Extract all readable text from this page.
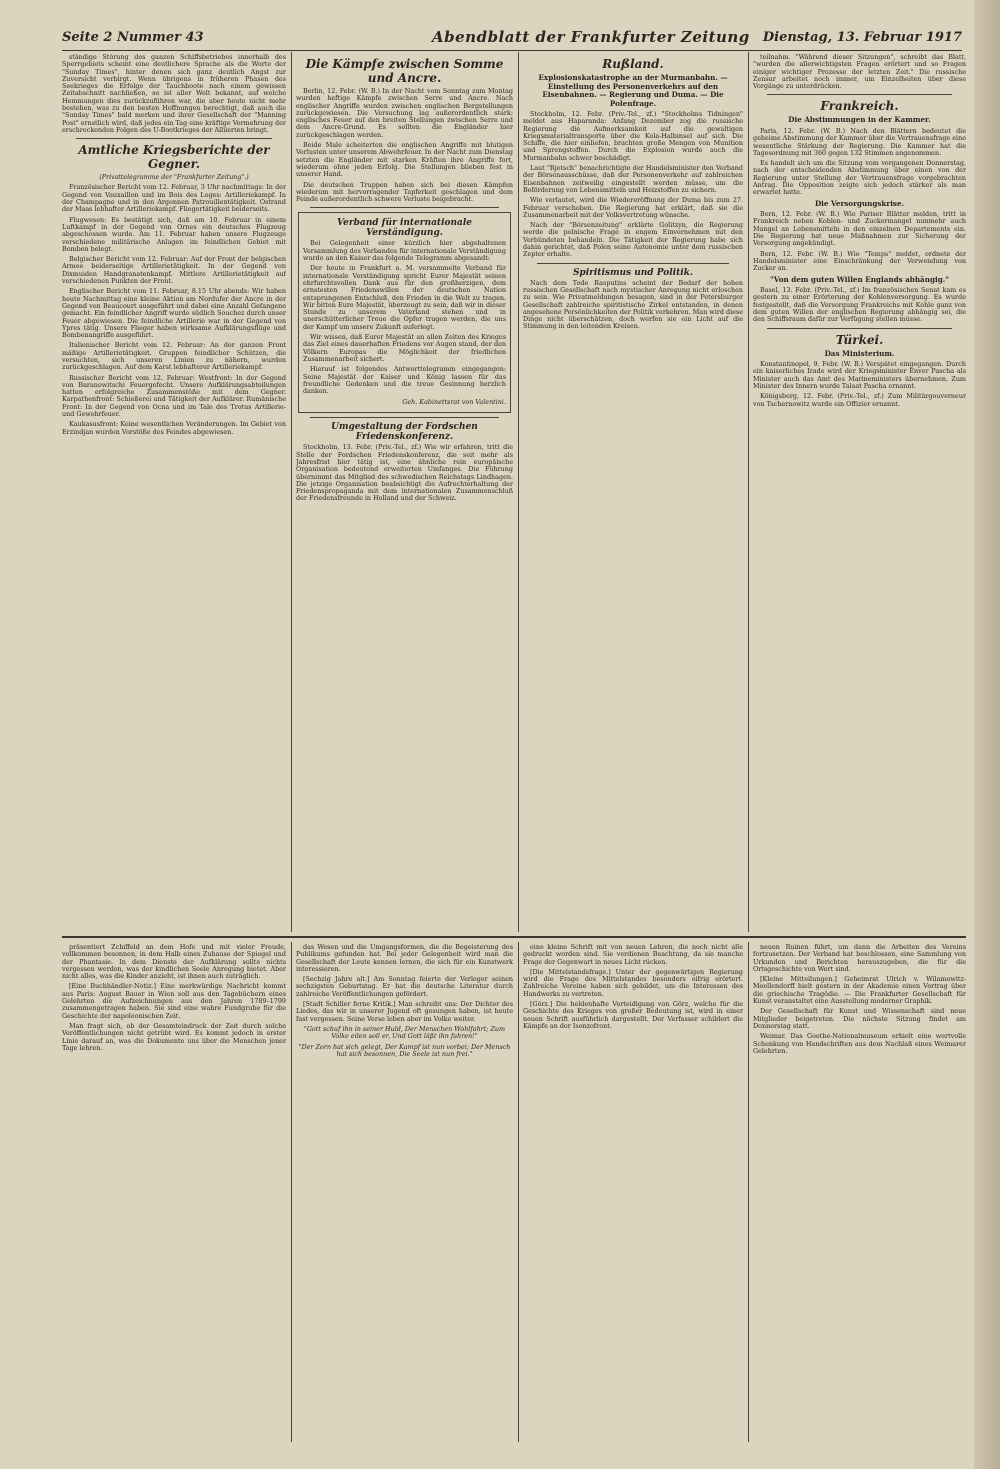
Seite 2 Nummer 43	Abendblatt der Frankfurter Zeitung Dienstag, 13. Februar 1917

ständige Störung des ganzen Schiffsbetriebes innerhalb des Sperrgebiets scheint eine deutlichere Sprache als die Worte der "Sunday Times", hinter denen sich ganz deutlich Angst zur Zuversicht verbirgt. Wenn übrigens in früheren Phasen des Seekrieges die Erfolge der Tauchboote nach einem gewissen Zeitabschnitt nachließen, so ist aller Welt bekannt, auf welche Hemmungen dies zurückzuführen war, die aber heute nicht mehr bestehen, was zu den besten Hoffnungen berechtigt, daß auch die "Sunday Times" bald merken und ihrer Gesellschaft der "Manning Post" ernstlich wird, daß jedes ein Tag eine kräftige Vermehrung der erschreckenden Folgen des U-Bootkrieges der Alliierten bringt.

Amtliche Kriegsberichte der Gegner.
(Privattelegramme der "Frankfurter Zeitung".)

Französischer Bericht vom 12. Februar, 3 Uhr nachmittags: In der Gegend von Vauxaillon und im Bois des Loges: Artilleriekampf. In der Champagne und in den Argonnen Patrouillentätigkeit. Ostrand der Maas lebhafter Artilleriekampf. Fliegertätigkeit beiderseits.

Flugwesen: Es bestätigt sich, daß am 10. Februar in einem Luftkampf in der Gegend von Ornes ein deutsches Flugzeug abgeschossen wurde. Am 11. Februar haben unsere Flugzeuge verschiedene militärische Anlagen im feindlichen Gebiet mit Bomben belegt.

Belgischer Bericht vom 12. Februar: Auf der Front der belgischen Armee beiderseitige Artillerietätigkeit. In der Gegend von Dixmuiden Handgranatenkampf. Mittlere Artillerietätigkeit auf verschiedenen Punkten der Front.

Englischer Bericht vom 11. Februar, 8.15 Uhr abends: Wir haben heute Nachmittag eine kleine Aktion am Nordufer der Ancre in der Gegend von Beaucourt ausgeführt und dabei eine Anzahl Gefangene gemacht. Ein feindlicher Angriff wurde südlich Souchez durch unser Feuer abgewiesen. Die feindliche Artillerie war in der Gegend von Ypres tätig. Unsere Flieger haben wirksame Aufklärungsflüge und Bombenangriffe ausgeführt.

Italienischer Bericht vom 12. Februar: An der ganzen Front mäßige Artillerietätigkeit. Gruppen feindlicher Schützen, die versuchten, sich unseren Linien zu nähern, wurden zurückgeschlagen. Auf dem Karst lebhafterer Artilleriekampf.

Russischer Bericht vom 12. Februar: Westfront: In der Gegend von Baranowitschi Feuergefecht. Unsere Aufklärungsabteilungen hatten erfolgreiche Zusammenstöße mit dem Gegner. Karpathenfront: Schießerei und Tätigkeit der Aufklärer. Rumänische Front: In der Gegend von Ocna und im Tale des Trotus Artillerie- und Gewehrfeuer.

Kaukasusfront: Keine wesentlichen Veränderungen. Im Gebiet von Erzindjan wurden Vorstöße des Feindes abgewiesen.

Die Kämpfe zwischen Somme und Ancre.

Berlin, 12. Febr. (W. B.) In der Nacht vom Sonntag zum Montag wurden heftige Kämpfe zwischen Serre und Ancre. Nach englischer Angriffe wurden zwischen englischen Bergstellungen zurückgewiesen. Die Versuchung lag außerordentlich stark: englisches Feuer auf den breiten Stellungen zwischen Serre und dem Ancre-Grund. Es sollten die Engländer hier zurückgeschlagen werden.

Beide Male scheiterten die englischen Angriffe mit blutigen Verlusten unter unserem Abwehrfeuer. In der Nacht zum Dienstag setzten die Engländer mit starken Kräften ihre Angriffe fort, wiederum ohne jeden Erfolg. Die Stellungen blieben fest in unserer Hand.

Die deutschen Truppen haben sich bei diesen Kämpfen wiederum mit hervorragender Tapferkeit geschlagen und dem Feinde außerordentlich schwere Verluste beigebracht.

Verband für internationale Verständigung.

Bei Gelegenheit einer kürzlich hier abgehaltenen Versammlung des Verbandes für internationale Verständigung wurde an den Kaiser das folgende Telegramm abgesandt:

Der heute in Frankfurt a. M. versammelte Verband für internationale Verständigung spricht Eurer Majestät seinen ehrfurchtsvollen Dank aus für den großherzigen, dem ernstesten Friedenswillen der deutschen Nation entsprungenen Entschluß, den Frieden in die Welt zu tragen. Wir bitten Eure Majestät, überzeugt zu sein, daß wir in dieser Stunde zu unserem Vaterland stehen und in unerschütterlicher Treue die Opfer tragen werden, die uns der Kampf um unsere Zukunft auferlegt.

Wir wissen, daß Eurer Majestät an allen Zeiten des Krieges das Ziel eines dauerhaften Friedens vor Augen stand, der den Völkern Europas die Möglichkeit der friedlichen Zusammenarbeit sichert.

Hierauf ist folgendes Antworttelegramm eingegangen: Seine Majestät der Kaiser und König lassen für das freundliche Gedenken und die treue Gesinnung herzlich danken.

Geh. Kabinettsrat von Valentini.
Umgestaltung der Fordschen Friedenskonferenz.

Stockholm, 13. Febr. (Priv.-Tel., zf.) Wie wir erfahren, tritt die Stelle der Fordschen Friedenskonferenz, die seit mehr als Jahresfrist hier tätig ist, eine ähnliche rein europäische Organisation bedeutend erweiterten Umfanges. Die Führung übernimmt das Mitglied des schwedischen Reichstags Lindhagen. Die jetzige Organisation beabsichtigt die Aufrechterhaltung der Friedenspropaganda mit dem internationalen Zusammenschluß der Friedensfreunde in Holland und der Schweiz.

Rußland.
Explosionskatastrophe an der Murmanbahn. — Einstellung des Personenverkehrs auf den Eisenbahnen. — Regierung und Duma. — Die Polenfrage.

Stockholm, 12. Febr. (Priv.-Tel., zf.) "Stockholms Tidningen" meldet aus Haparanda: Anfang Dezember zog die russische Regierung die Aufmerksamkeit auf die gewaltigen Kriegsmaterialtransporte über die Kola-Halbinsel auf sich. Die Schiffe, die hier einliefen, brachten große Mengen von Munition und Sprengstoffen. Durch die Explosion wurde auch die Murmanbahn schwer beschädigt.

Laut "Rjetsch" benachrichtigte der Handelsminister den Verband der Börsenausschüsse, daß der Personenverkehr auf zahlreichen Eisenbahnen zeitweilig eingestellt werden müsse, um die Beförderung von Lebensmitteln und Heizstoffen zu sichern.

Wie verlautet, wird die Wiedereröffnung der Duma bis zum 27. Februar verschoben. Die Regierung hat erklärt, daß sie die Zusammenarbeit mit der Volksvertretung wünsche.

Nach der "Börsenzeitung" erklärte Golitzyn, die Regierung werde die polnische Frage in engem Einvernehmen mit den Verbündeten behandeln. Die Tätigkeit der Regierung habe sich dahin gerichtet, daß Polen seine Autonomie unter dem russischen Zepter erhalte.

Spiritismus und Politik.

Nach dem Tode Rasputins scheint der Bedarf der hohen russischen Gesellschaft nach mystischer Anregung nicht erloschen zu sein. Wie Privatmeldungen besagen, sind in der Petersburger Gesellschaft zahlreiche spiritistische Zirkel entstanden, in denen angesehene Persönlichkeiten der Politik verkehren. Man wird diese Dinge nicht überschätzen, doch werfen sie ein Licht auf die Stimmung in den leitenden Kreisen.

teilnahm. "Während dieser Sitzungen", schreibt das Blatt, "wurden die allerwichtigsten Fragen erörtert und so Fragen einiger wichtiger Prozesse der letzten Zeit." Die russische Zensur arbeitet noch immer, um Einzelheiten über diese Vorgänge zu unterdrücken.

Frankreich.
Die Abstimmungen in der Kammer.

Paris, 12. Febr. (W. B.) Nach den Blättern bedeutet die geheime Abstimmung der Kammer über die Vertrauensfrage eine wesentliche Stärkung der Regierung. Die Kammer hat die Tagesordnung mit 360 gegen 132 Stimmen angenommen.

Es handelt sich um die Sitzung vom vergangenen Donnerstag, nach der entscheidenden Abstimmung über einen von der Regierung unter Stellung der Vertrauensfrage vorgebrachten Antrag. Die Opposition zeigte sich jedoch stärker als man erwartet hatte.

Die Versorgungskrise.

Bern, 12. Febr. (W. B.) Wie Pariser Blätter melden, tritt in Frankreich neben Kohlen- und Zuckermangel nunmehr auch Mangel an Lebensmitteln in den einzelnen Departements ein. Die Regierung hat neue Maßnahmen zur Sicherung der Versorgung angekündigt.

Bern, 12. Febr. (W. B.) Wie "Temps" meldet, ordnete der Handelsminister eine Einschränkung der Verwendung von Zucker an.

"Von dem guten Willen Englands abhängig."

Basel, 13. Febr. (Priv.-Tel., zf.) Im französischen Senat kam es gestern zu einer Erörterung der Kohlenversorgung. Es wurde festgestellt, daß die Versorgung Frankreichs mit Kohle ganz von dem guten Willen der englischen Regierung abhängig sei, die den Schiffsraum dafür zur Verfügung stellen müsse.

Türkei.
Das Ministerium.

Konstantinopel, 9. Febr. (W. B.) Verspätet eingegangen. Durch ein kaiserliches Irade wird der Kriegsminister Enver Pascha als Minister auch das Amt des Marineministers übernehmen. Zum Minister des Innern wurde Talaat Pascha ernannt.

Königsberg, 12. Febr. (Priv.-Tel., zf.) Zum Militärgouverneur von Tschernowitz wurde ein Offizier ernannt.

präsentiert Zchiffeld an dem Hofe und mit vieler Freude, vollkommen besonnen, in dem Halb eines Zuhause der Spiegel und der Phantasie. In dem Dienste der Aufklärung sollte nichts vergessen werden, was der kindlichen Seele Anregung bietet. Aber nicht alles, was die Kinder anzieht, ist ihnen auch zuträglich.

[Eine Buchhändler-Notiz.] Eine merkwürdige Nachricht kommt aus Paris: August Bauer in Wien soll aus den Tagebüchern eines Gelehrten die Aufzeichnungen aus den Jahren 1789–1799 zusammengetragen haben. Sie sind eine wahre Fundgrube für die Geschichte der napoleonischen Zeit.

Man fragt sich, ob der Gesamteindruck der Zeit durch solche Veröffentlichungen nicht getrübt wird. Es kommt jedoch in erster Linie darauf an, was die Dokumente uns über die Menschen jener Tage lehren.

das Wesen und die Umgangsformen, die die Begeisterung des Publikums gefunden hat. Bei jeder Gelegenheit wird man die Gesellschaft der Leute kennen lernen, die sich für ein Kunstwerk interessieren.

[Sechzig Jahre alt.] Am Sonntag feierte der Verleger seinen sechzigsten Geburtstag. Er hat die deutsche Literatur durch zahlreiche Veröffentlichungen gefördert.

[Stadt Schiller ferne Kritik.] Man schreibt uns: Der Dichter des Liedes, das wir in unserer Jugend oft gesungen haben, ist heute fast vergessen. Seine Verse leben aber im Volke weiter.

"Gott schuf ihn in seiner Huld, Der Menschen Wohlfahrt; Zum Volke eilen soll er, Und Gott läßt ihn fahren!"
"Der Zorn hat sich gelegt, Der Kampf ist nun vorbei; Der Mensch hat sich besonnen, Die Seele ist nun frei."

eine kleine Schrift mit von neuen Lehren, die noch nicht alle gedruckt worden sind. Sie verdienen Beachtung, da sie manche Frage der Gegenwart in neues Licht rücken.

[Die Mittelstandsfrage.] Unter der gegenwärtigen Regierung wird die Frage des Mittelstandes besonders eifrig erörtert. Zahlreiche Vereine haben sich gebildet, um die Interessen des Handwerks zu vertreten.

[Görz.] Die heldenhafte Verteidigung von Görz, welche für die Geschichte des Krieges von großer Bedeutung ist, wird in einer neuen Schrift ausführlich dargestellt. Der Verfasser schildert die Kämpfe an der Isonzofront.

neuen Ruinen führt, um dann die Arbeiten des Vereins fortzusetzen. Der Verband hat beschlossen, eine Sammlung von Urkunden und Berichten herauszugeben, die für die Ortsgeschichte von Wert sind.

[Kleine Mitteilungen.] Geheimrat Ulrich v. Wilamowitz-Moellendorff hielt gestern in der Akademie einen Vortrag über die griechische Tragödie. — Die Frankfurter Gesellschaft für Kunst veranstaltet eine Ausstellung moderner Graphik.

Der Gesellschaft für Kunst und Wissenschaft sind neue Mitglieder beigetreten. Die nächste Sitzung findet am Donnerstag statt.

Weimar. Das Goethe-Nationalmuseum erhielt eine wertvolle Schenkung von Handschriften aus dem Nachlaß eines Weimarer Gelehrten.
